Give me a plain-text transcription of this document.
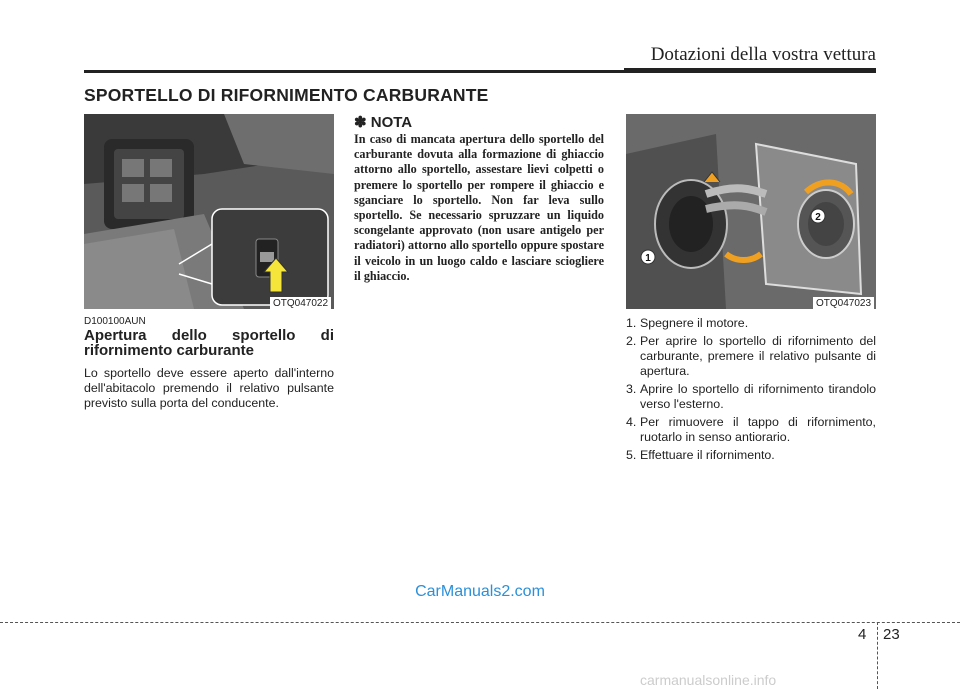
Dotazioni della vostra vettura
SPORTELLO DI RIFORNIMENTO CARBURANTE
OTQ047022
D100100AUN
Apertura dello sportello di rifornimento carburante
Lo sportello deve essere aperto dall'interno dell'abitacolo premendo il relativo pulsante previsto sulla porta del conducente.
✽ NOTA
In caso di mancata apertura dello sportello del carburante dovuta alla formazione di ghiaccio attorno allo sportello, assestare lievi colpetti o premere lo sportello per rompere il ghiaccio e sganciare lo sportello. Non far leva sullo sportello. Se necessario spruzzare un liquido scongelante approvato (non usare antigelo per radiatori) attorno allo sportello oppure spostare il veicolo in un luogo caldo e lasciare sciogliere il ghiaccio.
1
2
OTQ047023
1. Spegnere il motore.
2. Per aprire lo sportello di rifornimento del carburante, premere il relativo pulsante di apertura.
3. Aprire lo sportello di rifornimento tirandolo verso l'esterno.
4. Per rimuovere il tappo di rifornimento, ruotarlo in senso antiorario.
5. Effettuare il rifornimento.
CarManuals2.com
4 23
carmanualsonline.info
